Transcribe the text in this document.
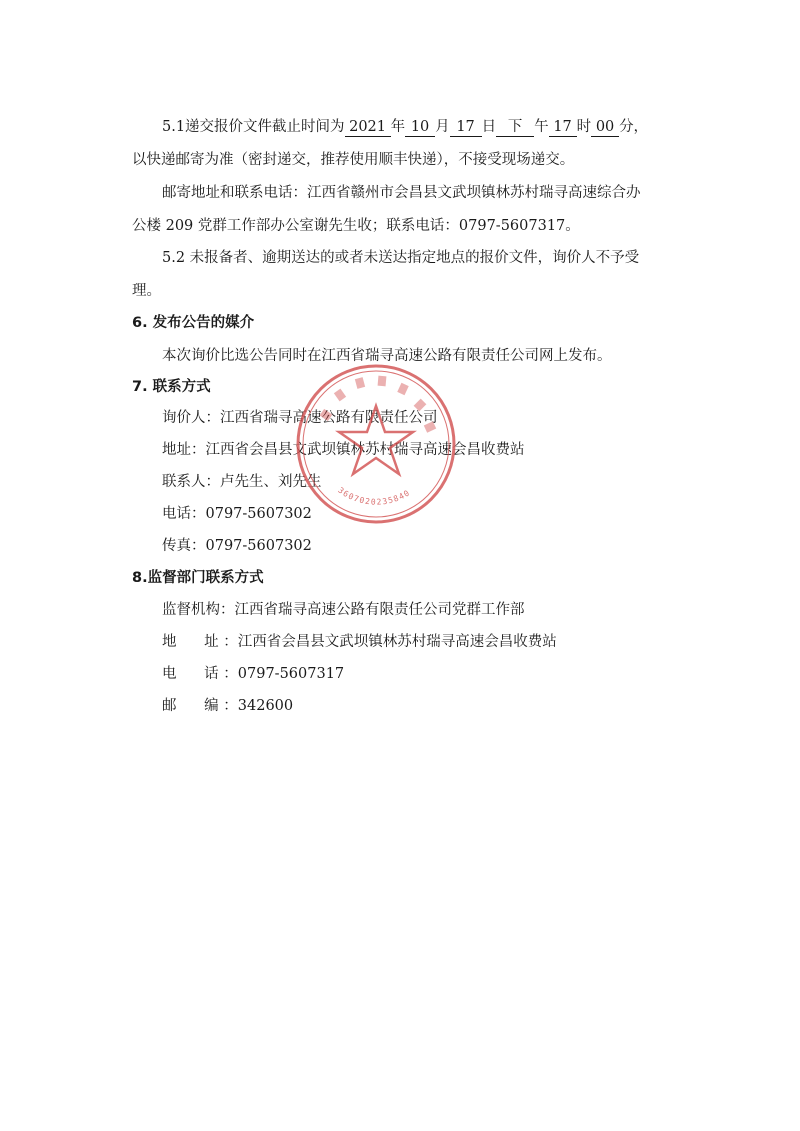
5.1递交报价文件截止时间为 2021 年 10 月 17 日 下 午 17 时 00 分，
以快递邮寄为准（密封递交，推荐使用顺丰快递），不接受现场递交。
邮寄地址和联系电话：江西省赣州市会昌县文武坝镇林苏村瑞寻高速综合办
公楼 209 党群工作部办公室谢先生收；联系电话：0797-5607317。
5.2 未报备者、逾期送达的或者未送达指定地点的报价文件，询价人不予受
理。
6. 发布公告的媒介
本次询价比选公告同时在江西省瑞寻高速公路有限责任公司网上发布。
7. 联系方式
询价人：江西省瑞寻高速公路有限责任公司
地址：江西省会昌县文武坝镇林苏村瑞寻高速会昌收费站
联系人：卢先生、刘先生
电话：0797-5607302
传真：0797-5607302
8.监督部门联系方式
监督机构：江西省瑞寻高速公路有限责任公司党群工作部
地      址 ：江西省会昌县文武坝镇林苏村瑞寻高速会昌收费站
电      话 ：0797-5607317
邮      编 ：342600
3607020235840
